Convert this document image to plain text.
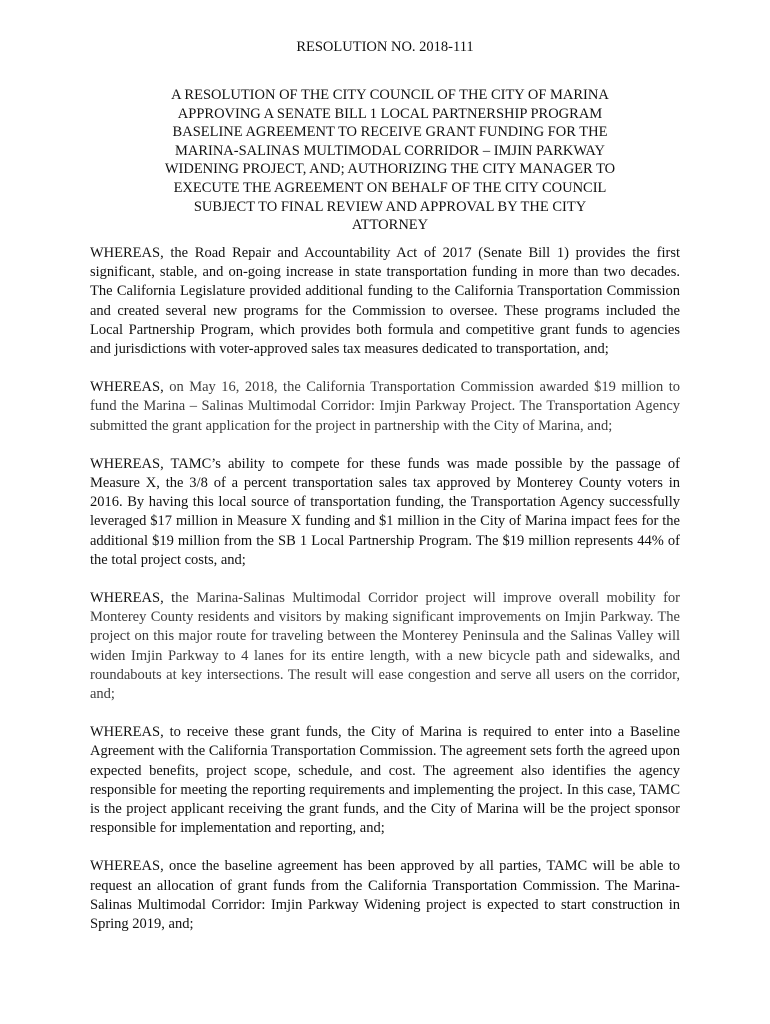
RESOLUTION NO. 2018-111
A RESOLUTION OF THE CITY COUNCIL OF THE CITY OF MARINA
APPROVING A SENATE BILL 1 LOCAL PARTNERSHIP PROGRAM
BASELINE AGREEMENT TO RECEIVE GRANT FUNDING FOR THE
MARINA-SALINAS MULTIMODAL CORRIDOR – IMJIN PARKWAY
WIDENING PROJECT, AND; AUTHORIZING THE CITY MANAGER TO
EXECUTE THE AGREEMENT ON BEHALF OF THE CITY COUNCIL
SUBJECT TO FINAL REVIEW AND APPROVAL BY THE CITY
ATTORNEY

WHEREAS, the Road Repair and Accountability Act of 2017 (Senate Bill 1) provides the first significant, stable, and on-going increase in state transportation funding in more than two decades. The California Legislature provided additional funding to the California Transportation Commission and created several new programs for the Commission to oversee. These programs included the Local Partnership Program, which provides both formula and competitive grant funds to agencies and jurisdictions with voter-approved sales tax measures dedicated to transportation, and;

WHEREAS, on May 16, 2018, the California Transportation Commission awarded $19 million to fund the Marina – Salinas Multimodal Corridor: Imjin Parkway Project. The Transportation Agency submitted the grant application for the project in partnership with the City of Marina, and;

WHEREAS, TAMC’s ability to compete for these funds was made possible by the passage of Measure X, the 3/8 of a percent transportation sales tax approved by Monterey County voters in 2016. By having this local source of transportation funding, the Transportation Agency successfully leveraged $17 million in Measure X funding and $1 million in the City of Marina impact fees for the additional $19 million from the SB 1 Local Partnership Program. The $19 million represents 44% of the total project costs, and;

WHEREAS, the Marina-Salinas Multimodal Corridor project will improve overall mobility for Monterey County residents and visitors by making significant improvements on Imjin Parkway. The project on this major route for traveling between the Monterey Peninsula and the Salinas Valley will widen Imjin Parkway to 4 lanes for its entire length, with a new bicycle path and sidewalks, and roundabouts at key intersections. The result will ease congestion and serve all users on the corridor, and;

WHEREAS, to receive these grant funds, the City of Marina is required to enter into a Baseline Agreement with the California Transportation Commission. The agreement sets forth the agreed upon expected benefits, project scope, schedule, and cost. The agreement also identifies the agency responsible for meeting the reporting requirements and implementing the project. In this case, TAMC is the project applicant receiving the grant funds, and the City of Marina will be the project sponsor responsible for implementation and reporting, and;

WHEREAS, once the baseline agreement has been approved by all parties, TAMC will be able to request an allocation of grant funds from the California Transportation Commission. The Marina-Salinas Multimodal Corridor: Imjin Parkway Widening project is expected to start construction in Spring 2019, and;
